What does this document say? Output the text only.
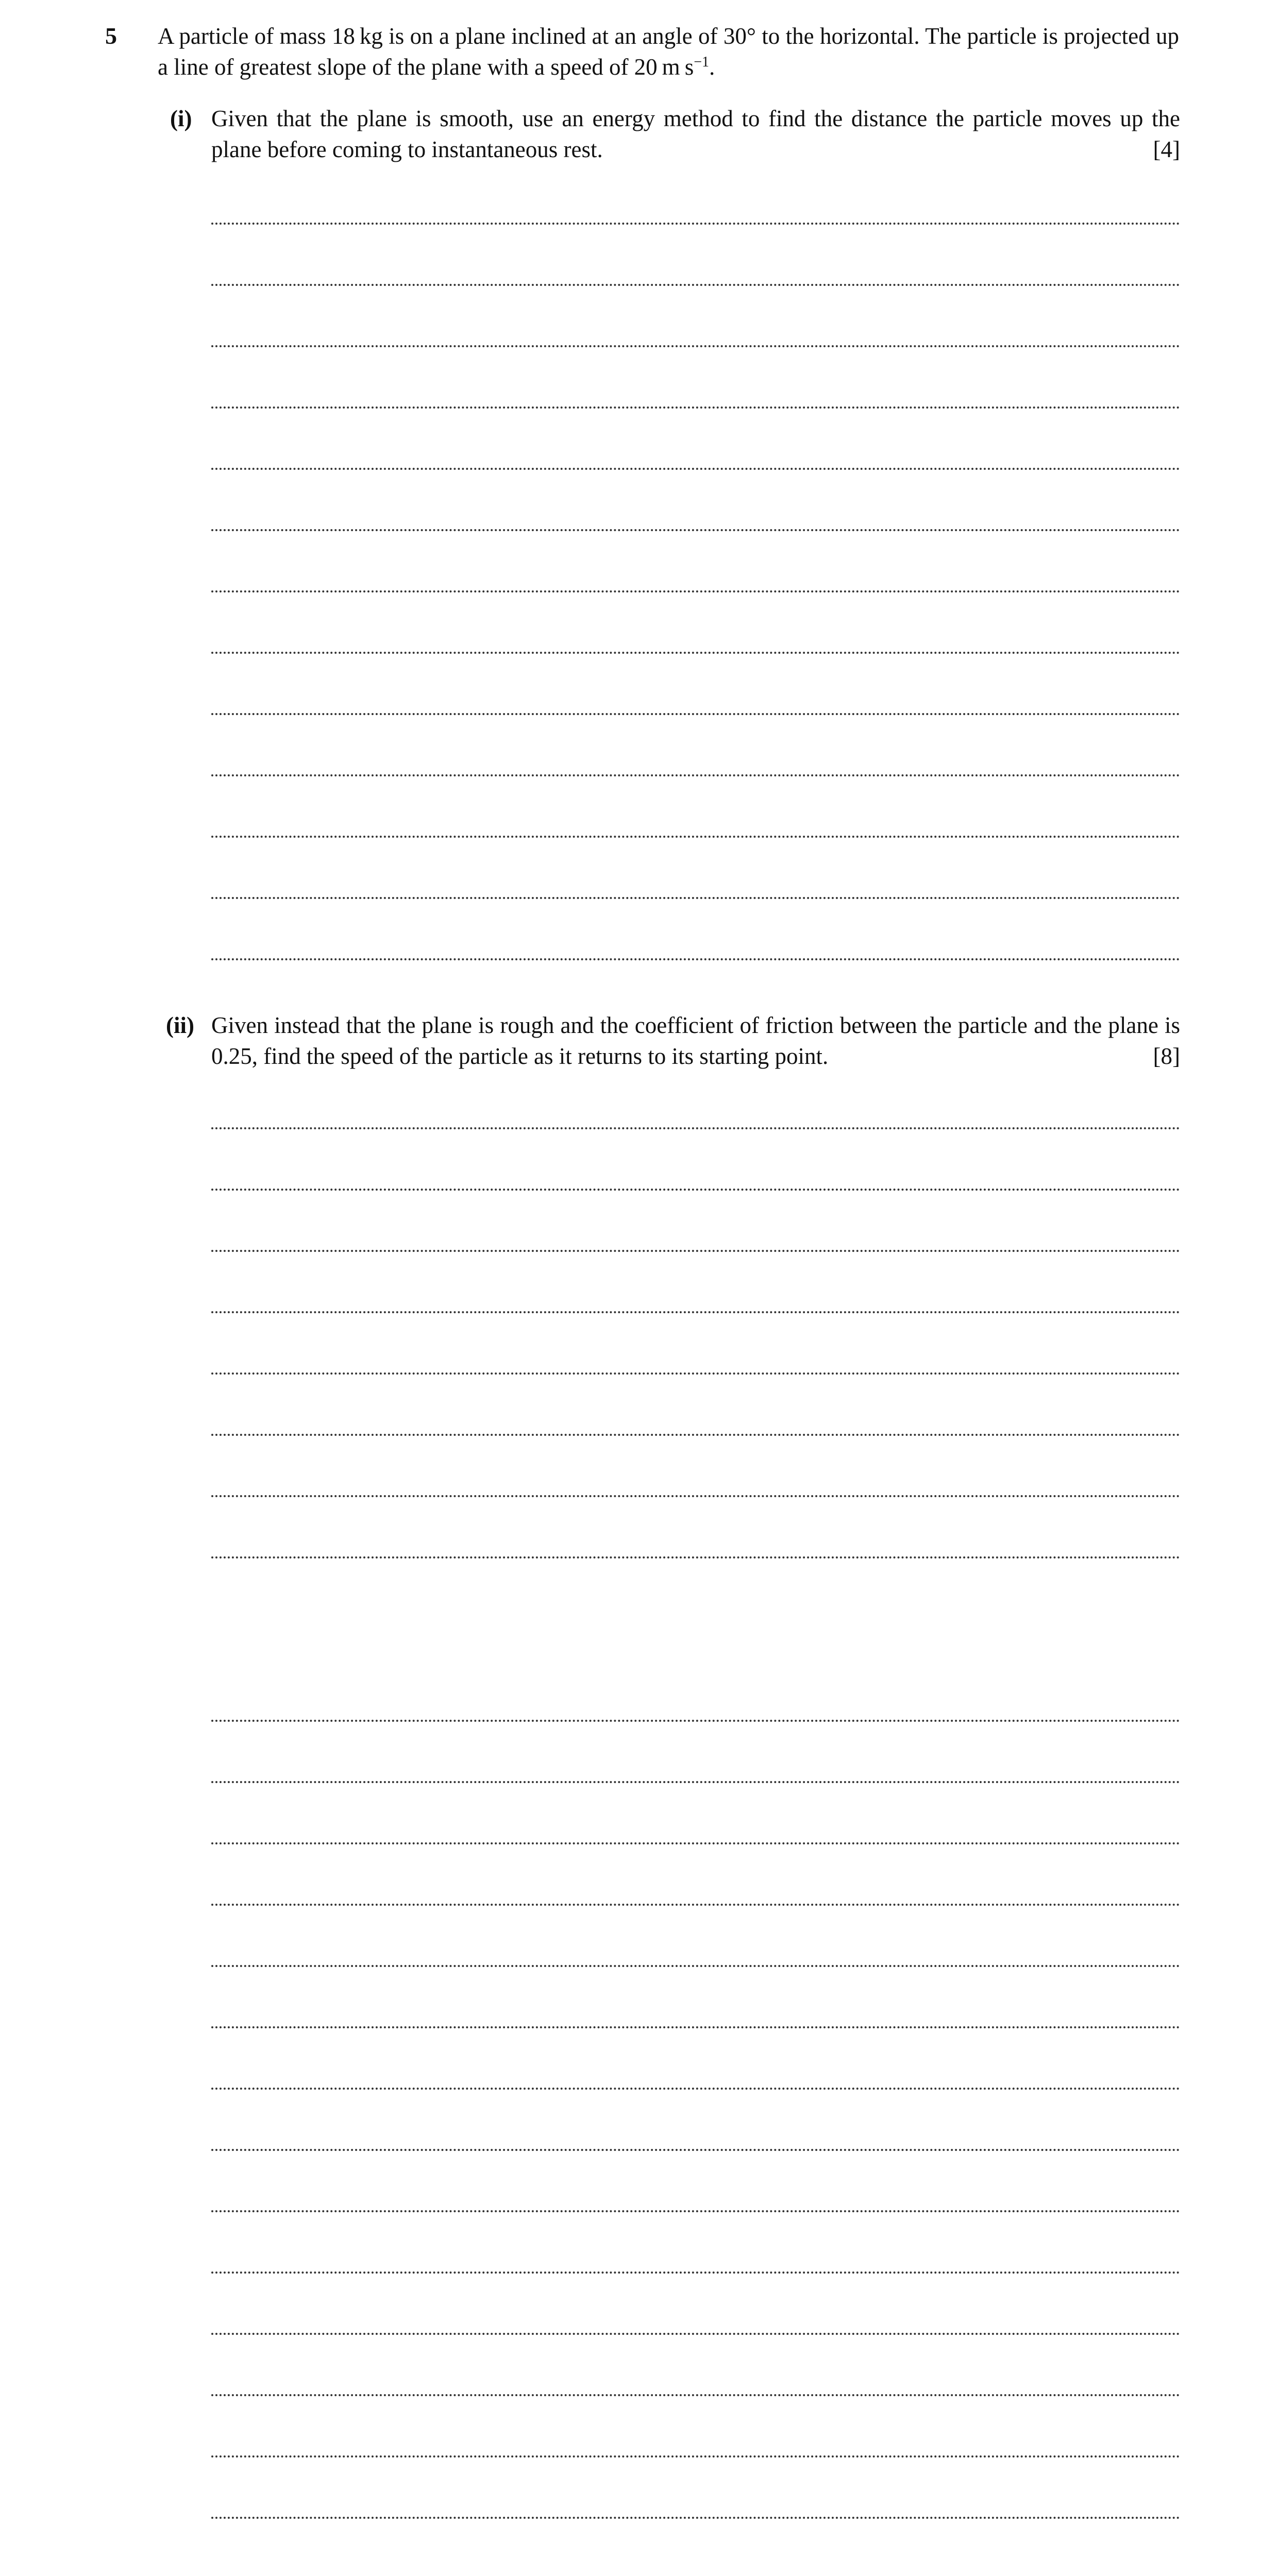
5 A particle of mass 18 kg is on a plane inclined at an angle of 30° to the horizontal. The particle is projected up a line of greatest slope of the plane with a speed of 20 m $s^{-1}$.
(i) Given that the plane is smooth, use an energy method to find the distance the particle moves up the plane before coming to instantaneous rest.	[4]
(ii) Given instead that the plane is rough and the coefficient of friction between the particle and the plane is 0.25, find the speed of the particle as it returns to its starting point.	[8]
